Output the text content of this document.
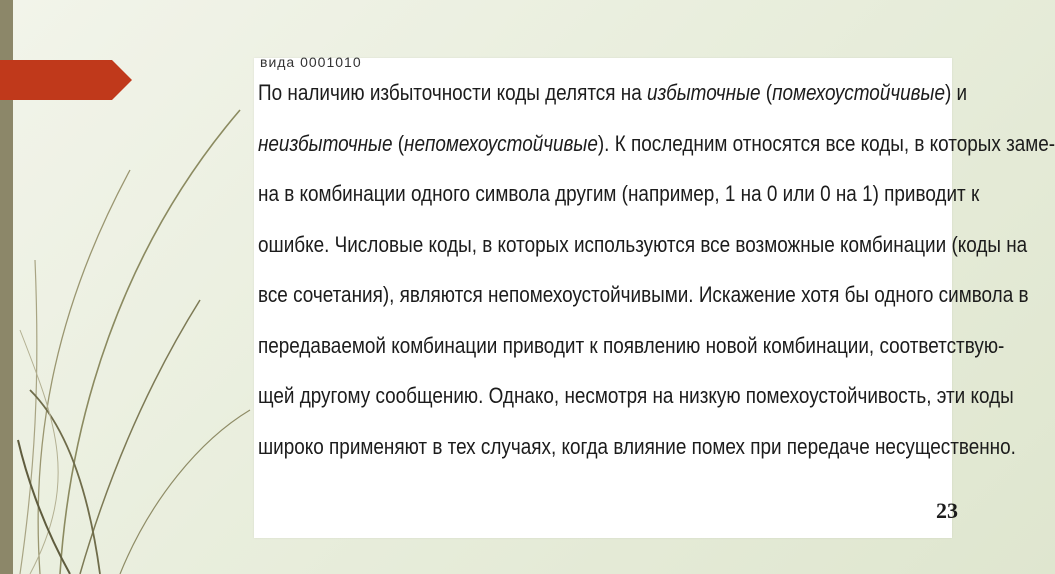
вида 0001010
23
По наличию избыточности коды делятся на избыточные (помехоустойчивые) и
неизбыточные (непомехоустойчивые). К последним относятся все коды, в которых заме-
на в комбинации одного символа другим (например, 1 на 0 или 0 на 1) приводит к
ошибке. Числовые коды, в которых используются все возможные комбинации (коды на
все сочетания), являются непомехоустойчивыми. Искажение хотя бы одного символа в
передаваемой комбинации приводит к появлению новой комбинации, соответствую-
щей другому сообщению. Однако, несмотря на низкую помехоустойчивость, эти коды
широко применяют в тех случаях, когда влияние помех при передаче несущественно.
